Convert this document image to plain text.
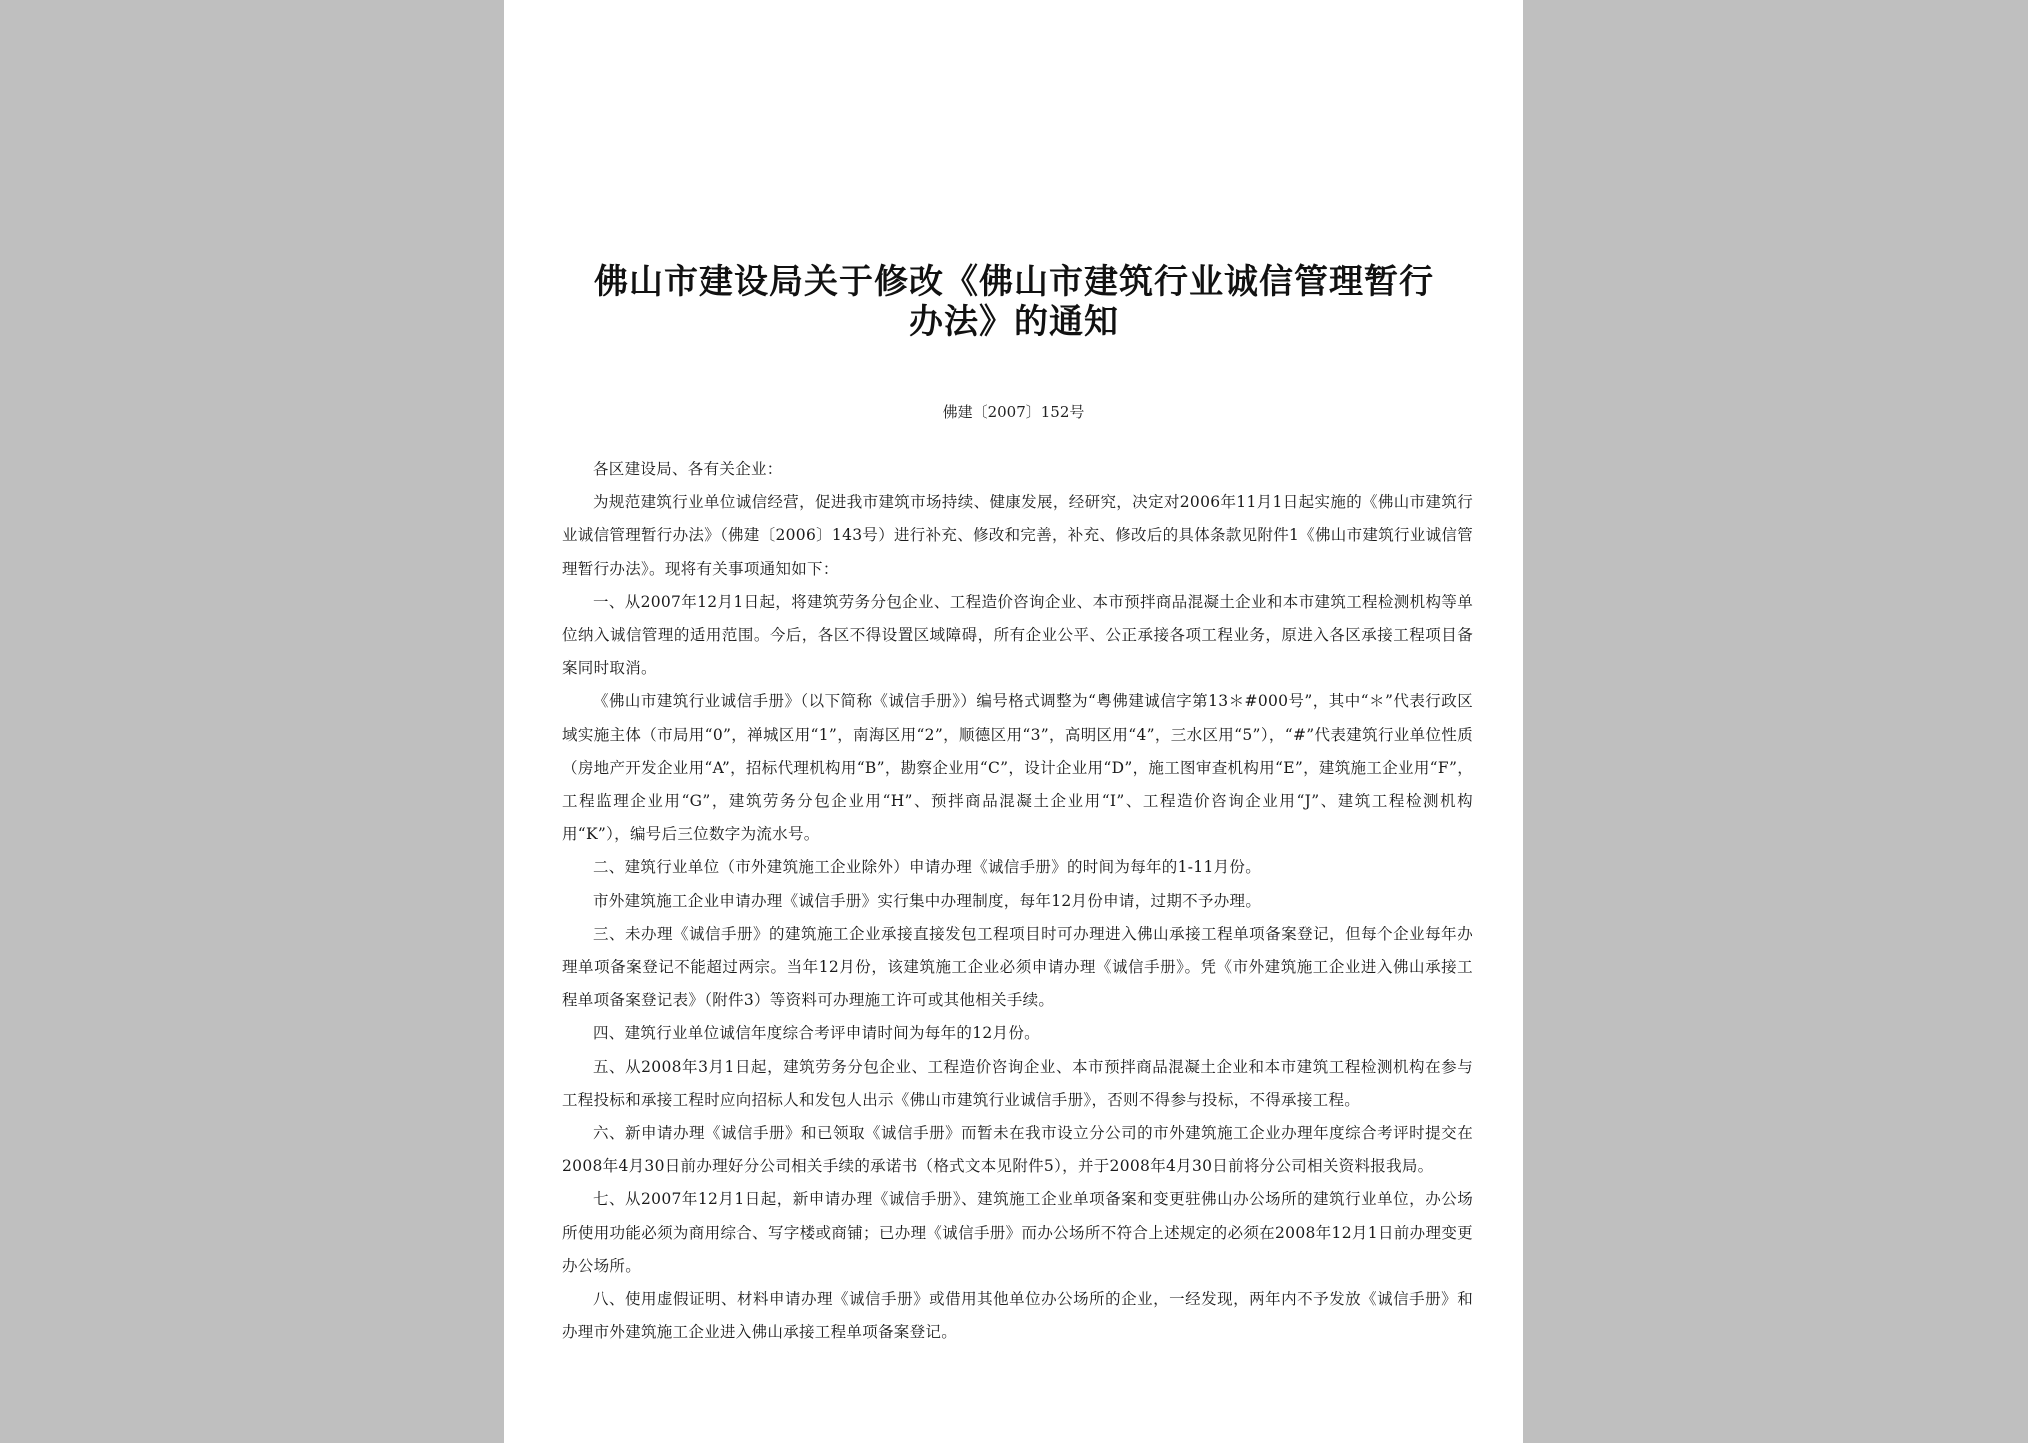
佛山市建设局关于修改《佛山市建筑行业诚信管理暂行办法》的通知
佛建〔2007〕152号

各区建设局、各有关企业：

为规范建筑行业单位诚信经营，促进我市建筑市场持续、健康发展，经研究，决定对2006年11月1日起实施的《佛山市建筑行业诚信管理暂行办法》（佛建〔2006〕143号）进行补充、修改和完善，补充、修改后的具体条款见附件1《佛山市建筑行业诚信管理暂行办法》。现将有关事项通知如下：

一、从2007年12月1日起，将建筑劳务分包企业、工程造价咨询企业、本市预拌商品混凝土企业和本市建筑工程检测机构等单位纳入诚信管理的适用范围。今后，各区不得设置区域障碍，所有企业公平、公正承接各项工程业务，原进入各区承接工程项目备案同时取消。

《佛山市建筑行业诚信手册》（以下简称《诚信手册》）编号格式调整为“粤佛建诚信字第13＊#000号”，其中“＊”代表行政区域实施主体（市局用“0”，禅城区用“1”，南海区用“2”，顺德区用“3”，高明区用“4”，三水区用“5”），“#”代表建筑行业单位性质（房地产开发企业用“A”，招标代理机构用“B”，勘察企业用“C”，设计企业用“D”，施工图审查机构用“E”，建筑施工企业用“F”，工程监理企业用“G”，建筑劳务分包企业用“H”、预拌商品混凝土企业用“I”、工程造价咨询企业用“J”、建筑工程检测机构用“K”），编号后三位数字为流水号。

二、建筑行业单位（市外建筑施工企业除外）申请办理《诚信手册》的时间为每年的1-11月份。

市外建筑施工企业申请办理《诚信手册》实行集中办理制度，每年12月份申请，过期不予办理。

三、未办理《诚信手册》的建筑施工企业承接直接发包工程项目时可办理进入佛山承接工程单项备案登记，但每个企业每年办理单项备案登记不能超过两宗。当年12月份，该建筑施工企业必须申请办理《诚信手册》。凭《市外建筑施工企业进入佛山承接工程单项备案登记表》（附件3）等资料可办理施工许可或其他相关手续。

四、建筑行业单位诚信年度综合考评申请时间为每年的12月份。

五、从2008年3月1日起，建筑劳务分包企业、工程造价咨询企业、本市预拌商品混凝土企业和本市建筑工程检测机构在参与工程投标和承接工程时应向招标人和发包人出示《佛山市建筑行业诚信手册》，否则不得参与投标，不得承接工程。

六、新申请办理《诚信手册》和已领取《诚信手册》而暂未在我市设立分公司的市外建筑施工企业办理年度综合考评时提交在2008年4月30日前办理好分公司相关手续的承诺书（格式文本见附件5），并于2008年4月30日前将分公司相关资料报我局。

七、从2007年12月1日起，新申请办理《诚信手册》、建筑施工企业单项备案和变更驻佛山办公场所的建筑行业单位，办公场所使用功能必须为商用综合、写字楼或商铺；已办理《诚信手册》而办公场所不符合上述规定的必须在2008年12月1日前办理变更办公场所。

八、使用虚假证明、材料申请办理《诚信手册》或借用其他单位办公场所的企业，一经发现，两年内不予发放《诚信手册》和办理市外建筑施工企业进入佛山承接工程单项备案登记。
